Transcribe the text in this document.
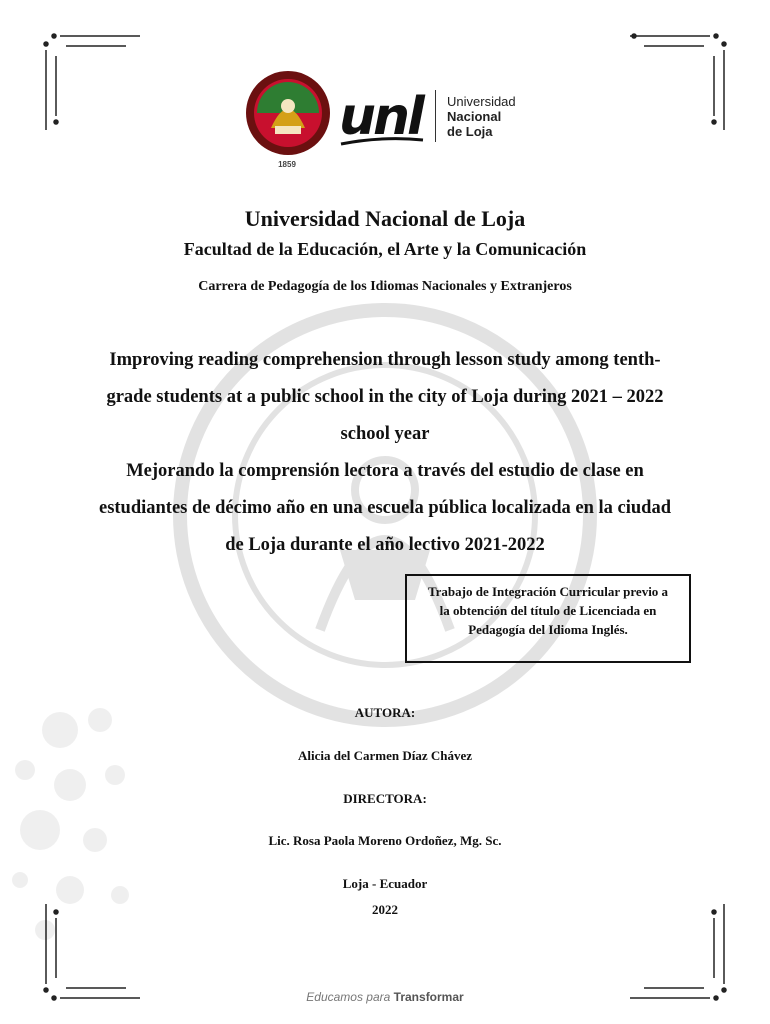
1859
unl	Universidad
Nacional
de Loja
Universidad Nacional de Loja
Facultad de la Educación, el Arte y la Comunicación
Carrera de Pedagogía de los Idiomas Nacionales y Extranjeros
Improving reading comprehension through lesson study among tenth-grade students at a public school in the city of Loja during 2021 – 2022 school year
Mejorando la comprensión lectora a través del estudio de clase en estudiantes de décimo año en una escuela pública localizada en la ciudad de Loja durante el año lectivo 2021-2022
Trabajo de Integración Curricular previo a la obtención del título de Licenciada en Pedagogía del Idioma Inglés.
AUTORA:
Alicia del Carmen Díaz Chávez
DIRECTORA:
Lic. Rosa Paola Moreno Ordoñez, Mg. Sc.
Loja - Ecuador
2022
Educamos para Transformar
